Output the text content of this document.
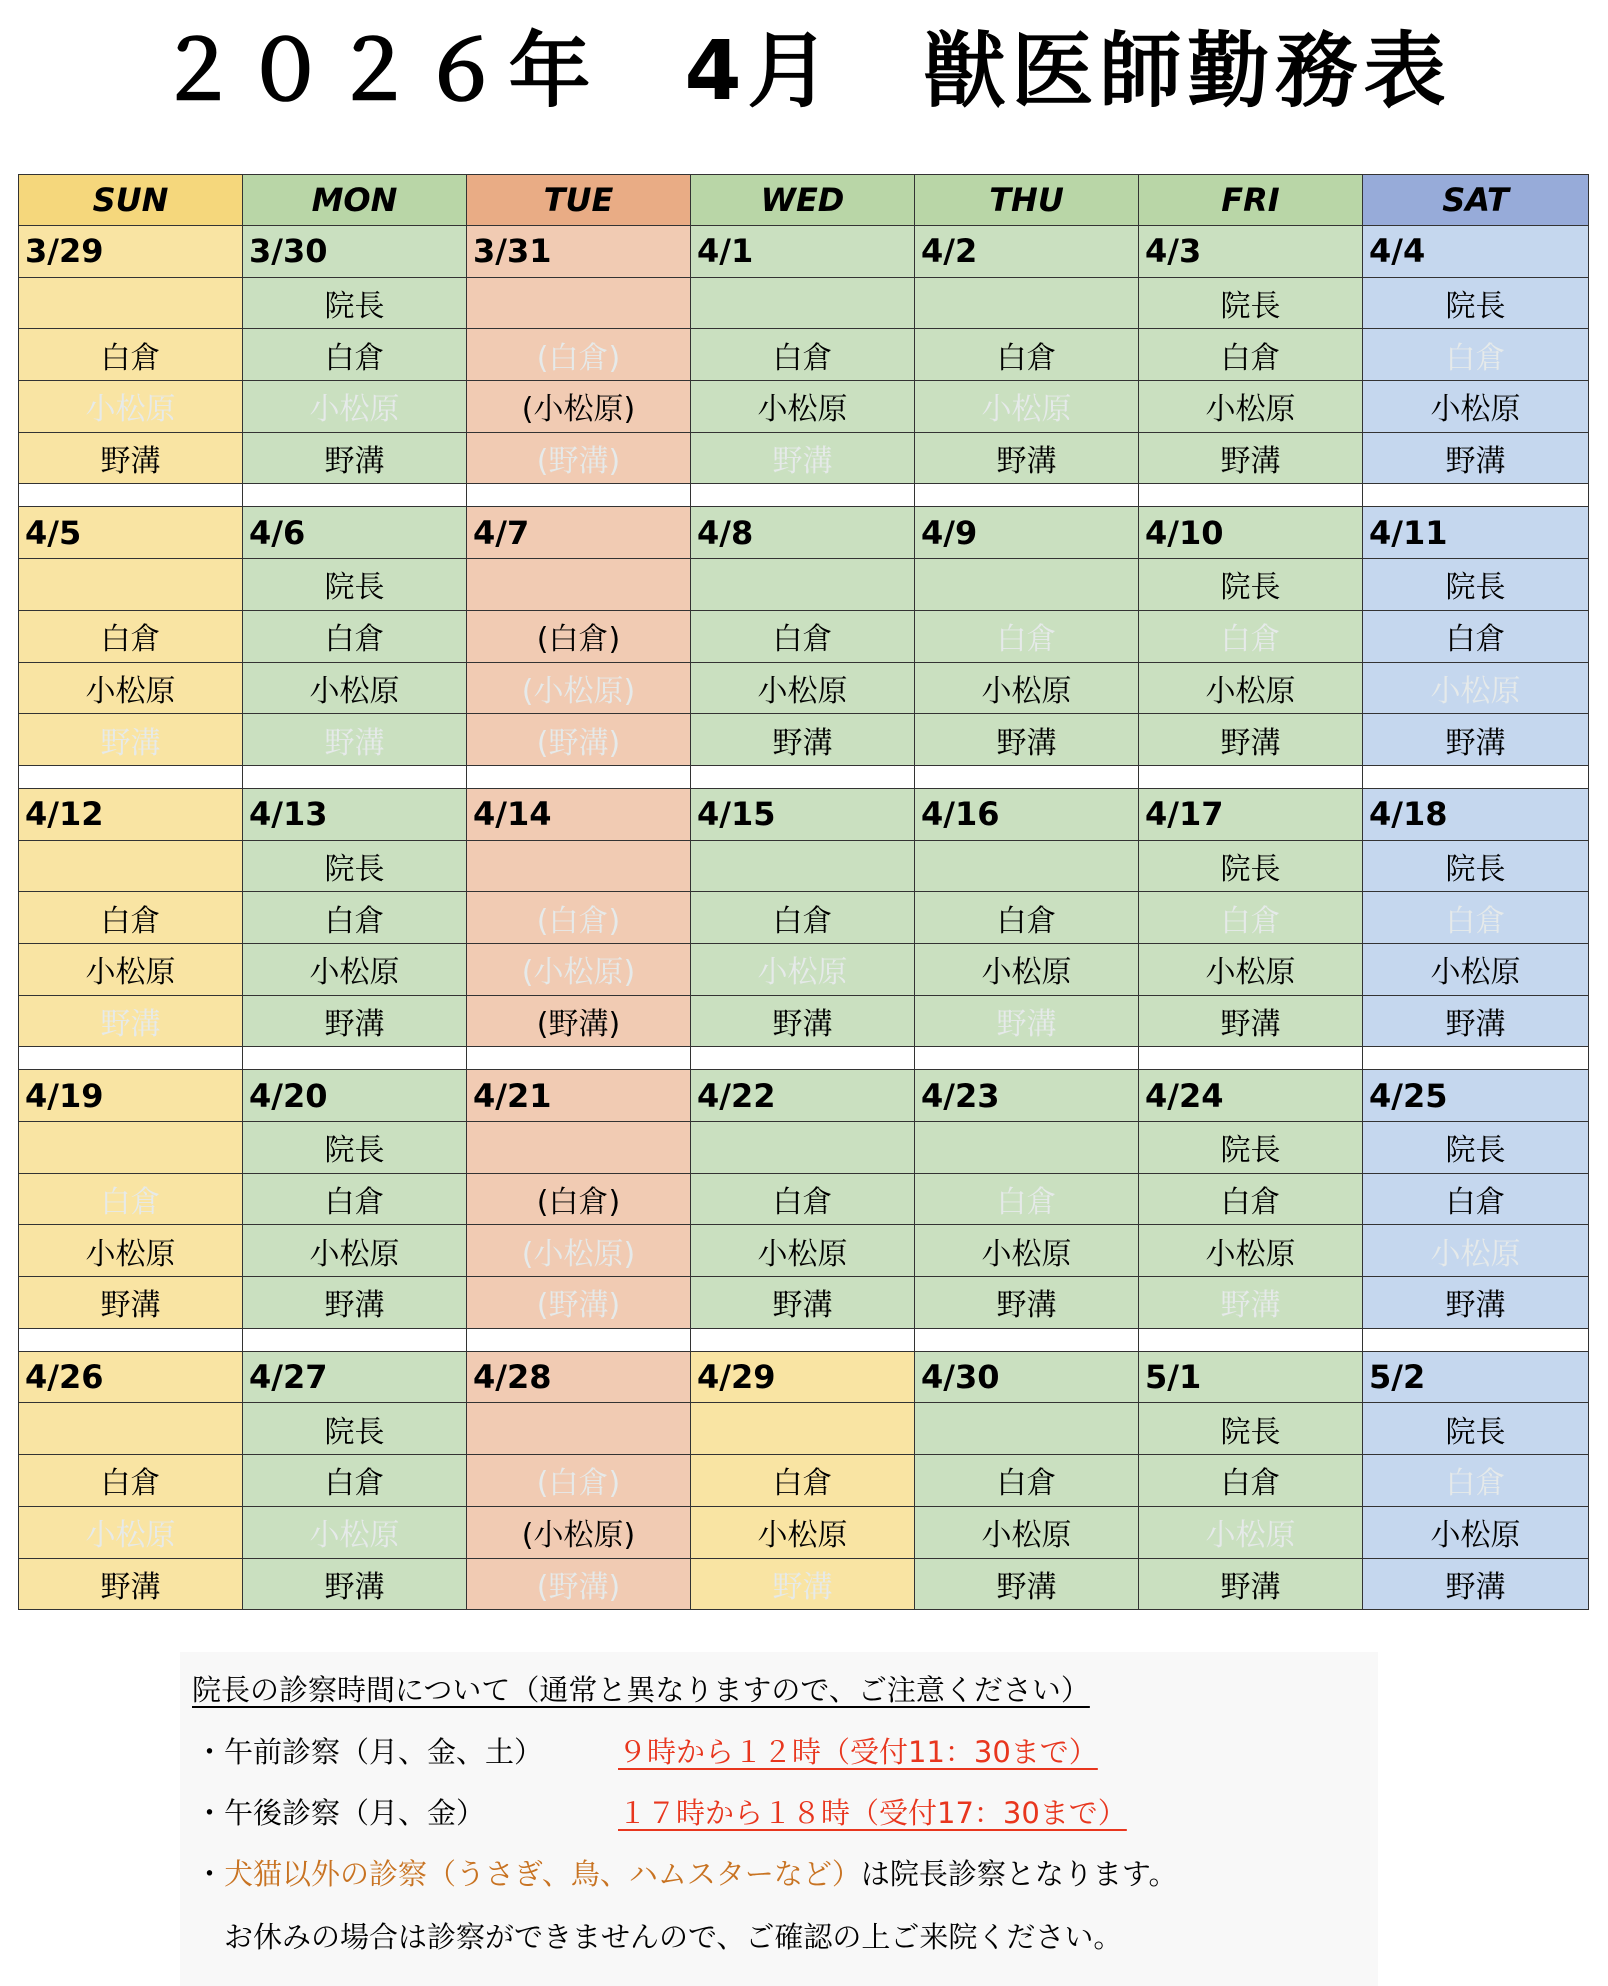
２０２６年　4月　獣医師勤務表
SUN	MON	TUE	WED	THU	FRI	SAT
3/29	3/30	3/31	4/1	4/2	4/3	4/4
	院長				院長	院長
白倉	白倉	(白倉)	白倉	白倉	白倉	白倉
小松原	小松原	(小松原)	小松原	小松原	小松原	小松原
野溝	野溝	(野溝)	野溝	野溝	野溝	野溝

4/5	4/6	4/7	4/8	4/9	4/10	4/11
	院長				院長	院長
白倉	白倉	(白倉)	白倉	白倉	白倉	白倉
小松原	小松原	(小松原)	小松原	小松原	小松原	小松原
野溝	野溝	(野溝)	野溝	野溝	野溝	野溝

4/12	4/13	4/14	4/15	4/16	4/17	4/18
	院長				院長	院長
白倉	白倉	(白倉)	白倉	白倉	白倉	白倉
小松原	小松原	(小松原)	小松原	小松原	小松原	小松原
野溝	野溝	(野溝)	野溝	野溝	野溝	野溝

4/19	4/20	4/21	4/22	4/23	4/24	4/25
	院長				院長	院長
白倉	白倉	(白倉)	白倉	白倉	白倉	白倉
小松原	小松原	(小松原)	小松原	小松原	小松原	小松原
野溝	野溝	(野溝)	野溝	野溝	野溝	野溝

4/26	4/27	4/28	4/29	4/30	5/1	5/2
	院長				院長	院長
白倉	白倉	(白倉)	白倉	白倉	白倉	白倉
小松原	小松原	(小松原)	小松原	小松原	小松原	小松原
野溝	野溝	(野溝)	野溝	野溝	野溝	野溝
院長の診察時間について（通常と異なりますので、ご注意ください）
・午前診察（月、金、土）	９時から１２時（受付11：30まで）
・午後診察（月、金）	１７時から１８時（受付17：30まで）
・犬猫以外の診察（うさぎ、鳥、ハムスターなど）は院長診察となります。
お休みの場合は診察ができませんので、ご確認の上ご来院ください。
